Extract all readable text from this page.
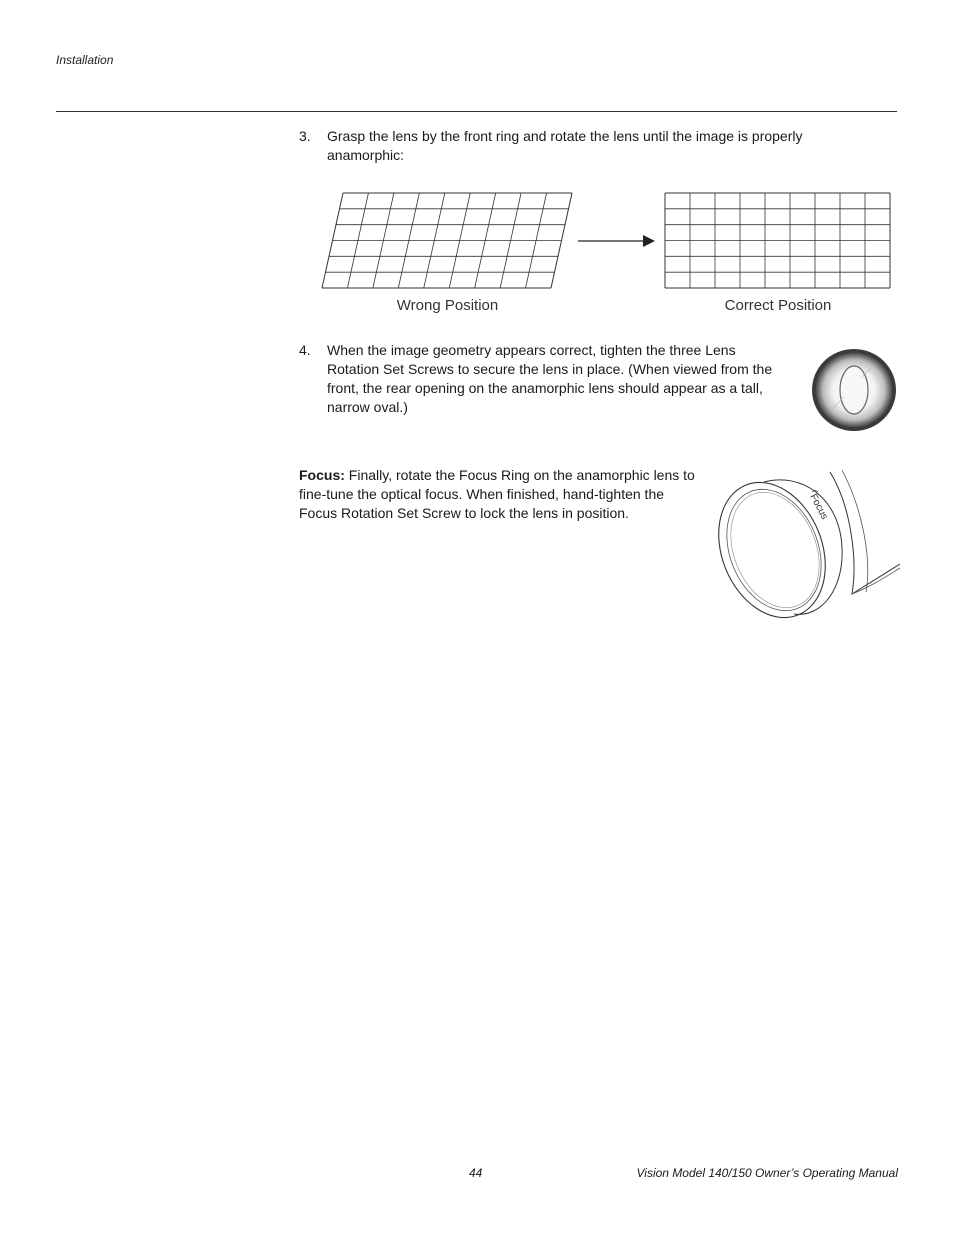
Installation
3. Grasp the lens by the front ring and rotate the lens until the image is properly anamorphic:
Wrong Position	Correct Position
4. When the image geometry appears correct, tighten the three Lens Rotation Set Screws to secure the lens in place. (When viewed from the front, the rear opening on the anamorphic lens should appear as a tall, narrow oval.)
Focus: Finally, rotate the Focus Ring on the anamorphic lens to fine-tune the optical focus. When finished, hand-tighten the Focus Rotation Set Screw to lock the lens in position.	Focus
44	Vision Model 140/150 Owner’s Operating Manual
